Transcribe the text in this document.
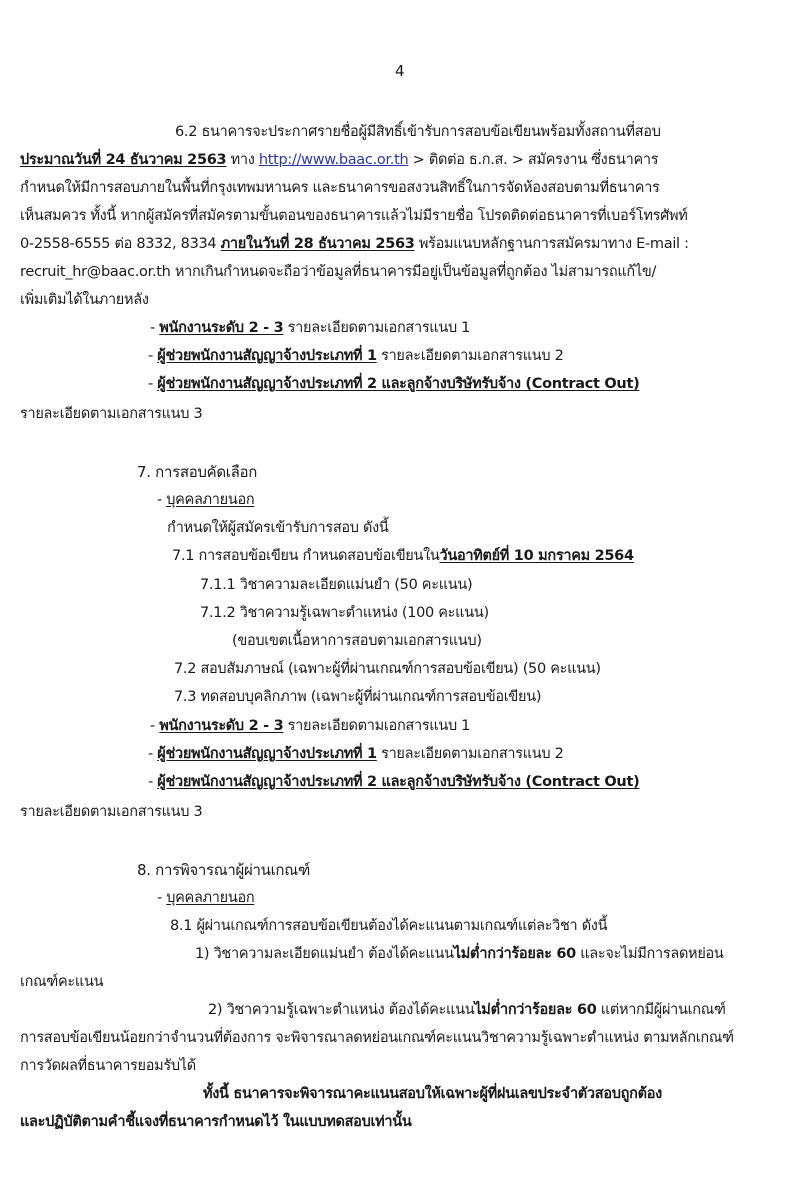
4
6.2 ธนาคารจะประกาศรายชื่อผู้มีสิทธิ์เข้ารับการสอบข้อเขียนพร้อมทั้งสถานที่สอบ
ประมาณวันที่ 24 ธันวาคม 2563 ทาง http://www.baac.or.th > ติดต่อ ธ.ก.ส. > สมัครงาน ซึ่งธนาคาร
กำหนดให้มีการสอบภายในพื้นที่กรุงเทพมหานคร และธนาคารขอสงวนสิทธิ์ในการจัดห้องสอบตามที่ธนาคาร
เห็นสมควร ทั้งนี้ หากผู้สมัครที่สมัครตามขั้นตอนของธนาคารแล้วไม่มีรายชื่อ โปรดติดต่อธนาคารที่เบอร์โทรศัพท์
0-2558-6555 ต่อ 8332, 8334 ภายในวันที่ 28 ธันวาคม 2563 พร้อมแนบหลักฐานการสมัครมาทาง E-mail :
recruit_hr@baac.or.th หากเกินกำหนดจะถือว่าข้อมูลที่ธนาคารมีอยู่เป็นข้อมูลที่ถูกต้อง ไม่สามารถแก้ไข/
เพิ่มเติมได้ในภายหลัง
- พนักงานระดับ 2 - 3 รายละเอียดตามเอกสารแนบ 1
- ผู้ช่วยพนักงานสัญญาจ้างประเภทที่ 1 รายละเอียดตามเอกสารแนบ 2
- ผู้ช่วยพนักงานสัญญาจ้างประเภทที่ 2 และลูกจ้างบริษัทรับจ้าง (Contract Out)
รายละเอียดตามเอกสารแนบ 3
7. การสอบคัดเลือก
- บุคคลภายนอก
กำหนดให้ผู้สมัครเข้ารับการสอบ ดังนี้
7.1 การสอบข้อเขียน กำหนดสอบข้อเขียนในวันอาทิตย์ที่ 10 มกราคม 2564
7.1.1 วิชาความละเอียดแม่นยำ (50 คะแนน)
7.1.2 วิชาความรู้เฉพาะตำแหน่ง (100 คะแนน)
(ขอบเขตเนื้อหาการสอบตามเอกสารแนบ)
7.2 สอบสัมภาษณ์ (เฉพาะผู้ที่ผ่านเกณฑ์การสอบข้อเขียน) (50 คะแนน)
7.3 ทดสอบบุคลิกภาพ (เฉพาะผู้ที่ผ่านเกณฑ์การสอบข้อเขียน)
- พนักงานระดับ 2 - 3 รายละเอียดตามเอกสารแนบ 1
- ผู้ช่วยพนักงานสัญญาจ้างประเภทที่ 1 รายละเอียดตามเอกสารแนบ 2
- ผู้ช่วยพนักงานสัญญาจ้างประเภทที่ 2 และลูกจ้างบริษัทรับจ้าง (Contract Out)
รายละเอียดตามเอกสารแนบ 3
8. การพิจารณาผู้ผ่านเกณฑ์
- บุคคลภายนอก
8.1 ผู้ผ่านเกณฑ์การสอบข้อเขียนต้องได้คะแนนตามเกณฑ์แต่ละวิชา ดังนี้
1) วิชาความละเอียดแม่นยำ ต้องได้คะแนนไม่ต่ำกว่าร้อยละ 60 และจะไม่มีการลดหย่อน
เกณฑ์คะแนน
2) วิชาความรู้เฉพาะตำแหน่ง ต้องได้คะแนนไม่ต่ำกว่าร้อยละ 60 แต่หากมีผู้ผ่านเกณฑ์
การสอบข้อเขียนน้อยกว่าจำนวนที่ต้องการ จะพิจารณาลดหย่อนเกณฑ์คะแนนวิชาความรู้เฉพาะตำแหน่ง ตามหลักเกณฑ์
การวัดผลที่ธนาคารยอมรับได้
ทั้งนี้ ธนาคารจะพิจารณาคะแนนสอบให้เฉพาะผู้ที่ฝนเลขประจำตัวสอบถูกต้อง
และปฏิบัติตามคำชี้แจงที่ธนาคารกำหนดไว้ ในแบบทดสอบเท่านั้น
